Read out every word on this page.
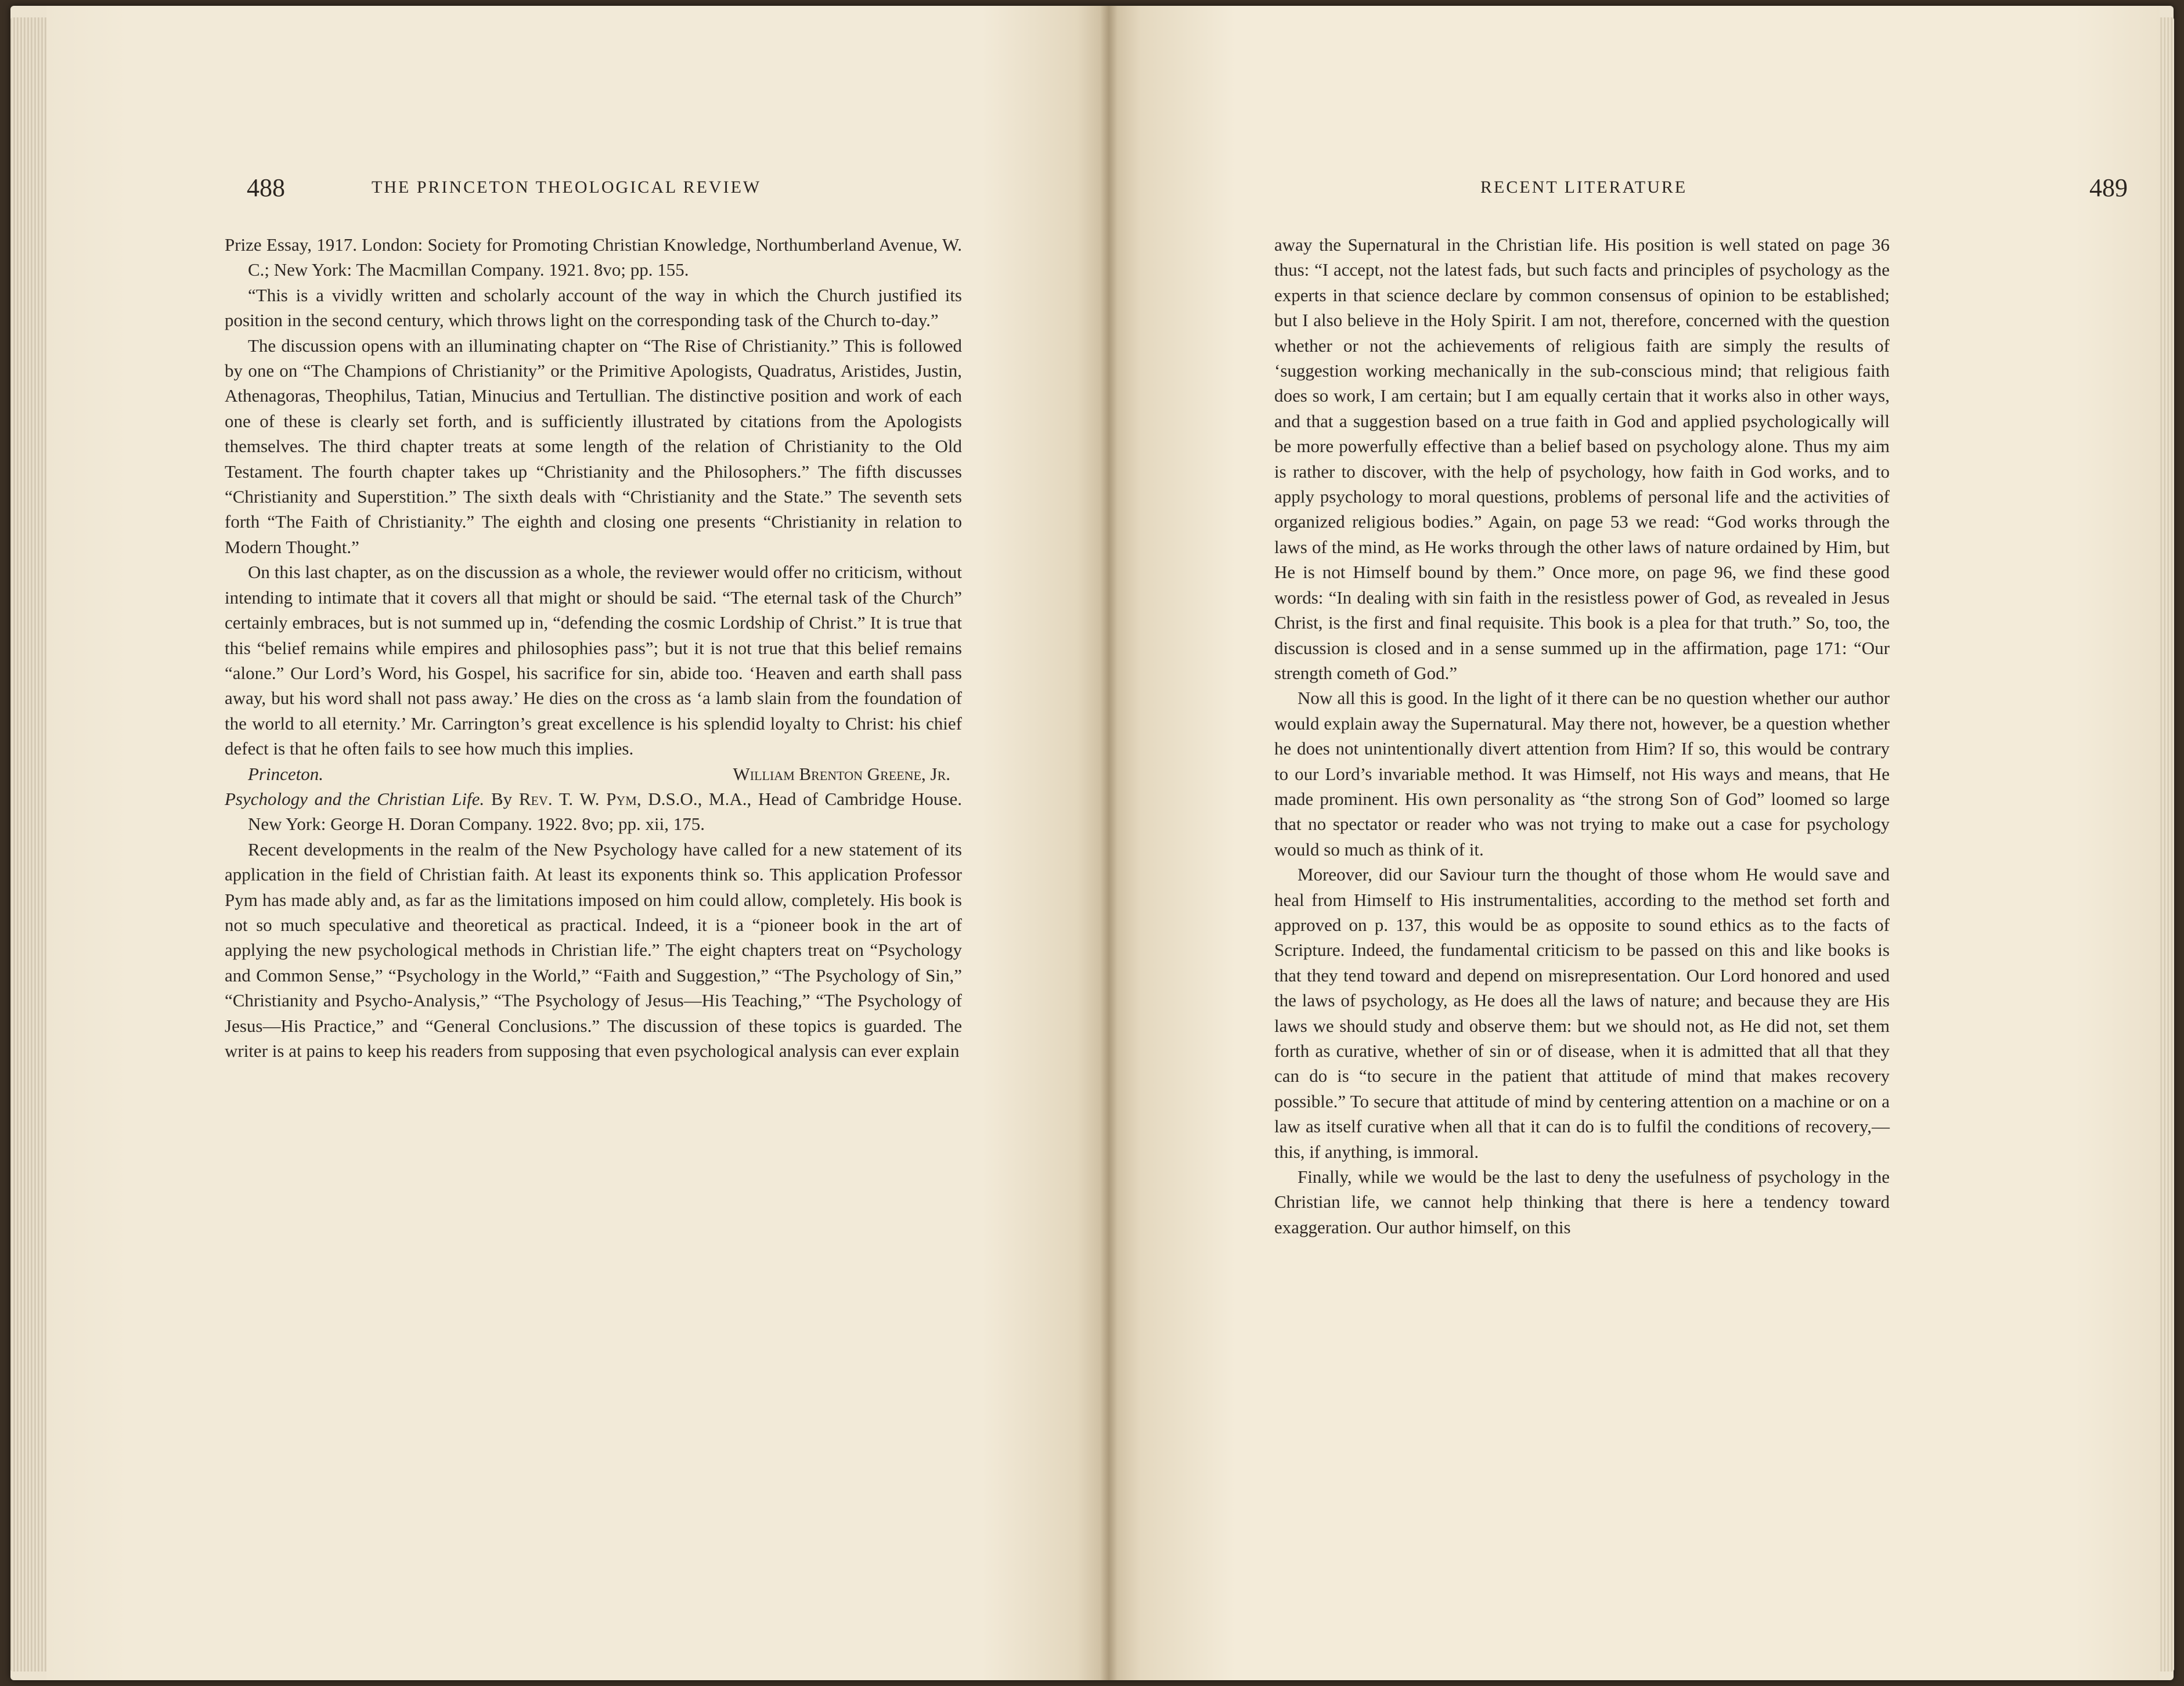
488	THE PRINCETON THEOLOGICAL REVIEW

Prize Essay, 1917. London: Society for Promoting Christian Knowledge, Northumberland Avenue, W. C.; New York: The Macmillan Company. 1921. 8vo; pp. 155.

“This is a vividly written and scholarly account of the way in which the Church justified its position in the second century, which throws light on the corresponding task of the Church to-day.”

The discussion opens with an illuminating chapter on “The Rise of Christianity.” This is followed by one on “The Champions of Christianity” or the Primitive Apologists, Quadratus, Aristides, Justin, Athenagoras, Theophilus, Tatian, Minucius and Tertullian. The distinctive position and work of each one of these is clearly set forth, and is sufficiently illustrated by citations from the Apologists themselves. The third chapter treats at some length of the relation of Christianity to the Old Testament. The fourth chapter takes up “Christianity and the Philosophers.” The fifth discusses “Christianity and Superstition.” The sixth deals with “Christianity and the State.” The seventh sets forth “The Faith of Christianity.” The eighth and closing one presents “Christianity in relation to Modern Thought.”

On this last chapter, as on the discussion as a whole, the reviewer would offer no criticism, without intending to intimate that it covers all that might or should be said. “The eternal task of the Church” certainly embraces, but is not summed up in, “defending the cosmic Lordship of Christ.” It is true that this “belief remains while empires and philosophies pass”; but it is not true that this belief remains “alone.” Our Lord’s Word, his Gospel, his sacrifice for sin, abide too. ‘Heaven and earth shall pass away, but his word shall not pass away.’ He dies on the cross as ‘a lamb slain from the foundation of the world to all eternity.’ Mr. Carrington’s great excellence is his splendid loyalty to Christ: his chief defect is that he often fails to see how much this implies.

Princeton.	William Brenton Greene, Jr.

Psychology and the Christian Life. By Rev. T. W. Pym, D.S.O., M.A., Head of Cambridge House. New York: George H. Doran Company. 1922. 8vo; pp. xii, 175.

Recent developments in the realm of the New Psychology have called for a new statement of its application in the field of Christian faith. At least its exponents think so. This application Professor Pym has made ably and, as far as the limitations imposed on him could allow, completely. His book is not so much speculative and theoretical as practical. Indeed, it is a “pioneer book in the art of applying the new psychological methods in Christian life.” The eight chapters treat on “Psychology and Common Sense,” “Psychology in the World,” “Faith and Suggestion,” “The Psychology of Sin,” “Christianity and Psycho-Analysis,” “The Psychology of Jesus—His Teaching,” “The Psychology of Jesus—His Practice,” and “General Conclusions.” The discussion of these topics is guarded. The writer is at pains to keep his readers from supposing that even psychological analysis can ever explain

RECENT LITERATURE	489

away the Supernatural in the Christian life. His position is well stated on page 36 thus: “I accept, not the latest fads, but such facts and principles of psychology as the experts in that science declare by common consensus of opinion to be established; but I also believe in the Holy Spirit. I am not, therefore, concerned with the question whether or not the achievements of religious faith are simply the results of ‘suggestion working mechanically in the sub-conscious mind; that religious faith does so work, I am certain; but I am equally certain that it works also in other ways, and that a suggestion based on a true faith in God and applied psychologically will be more powerfully effective than a belief based on psychology alone. Thus my aim is rather to discover, with the help of psychology, how faith in God works, and to apply psychology to moral questions, problems of personal life and the activities of organized religious bodies.” Again, on page 53 we read: “God works through the laws of the mind, as He works through the other laws of nature ordained by Him, but He is not Himself bound by them.” Once more, on page 96, we find these good words: “In dealing with sin faith in the resistless power of God, as revealed in Jesus Christ, is the first and final requisite. This book is a plea for that truth.” So, too, the discussion is closed and in a sense summed up in the affirmation, page 171: “Our strength cometh of God.”

Now all this is good. In the light of it there can be no question whether our author would explain away the Supernatural. May there not, however, be a question whether he does not unintentionally divert attention from Him? If so, this would be contrary to our Lord’s invariable method. It was Himself, not His ways and means, that He made prominent. His own personality as “the strong Son of God” loomed so large that no spectator or reader who was not trying to make out a case for psychology would so much as think of it.

Moreover, did our Saviour turn the thought of those whom He would save and heal from Himself to His instrumentalities, according to the method set forth and approved on p. 137, this would be as opposite to sound ethics as to the facts of Scripture. Indeed, the fundamental criticism to be passed on this and like books is that they tend toward and depend on misrepresentation. Our Lord honored and used the laws of psychology, as He does all the laws of nature; and because they are His laws we should study and observe them: but we should not, as He did not, set them forth as curative, whether of sin or of disease, when it is admitted that all that they can do is “to secure in the patient that attitude of mind that makes recovery possible.” To secure that attitude of mind by centering attention on a machine or on a law as itself curative when all that it can do is to fulfil the conditions of recovery,—this, if anything, is immoral.

Finally, while we would be the last to deny the usefulness of psychology in the Christian life, we cannot help thinking that there is here a tendency toward exaggeration. Our author himself, on this
